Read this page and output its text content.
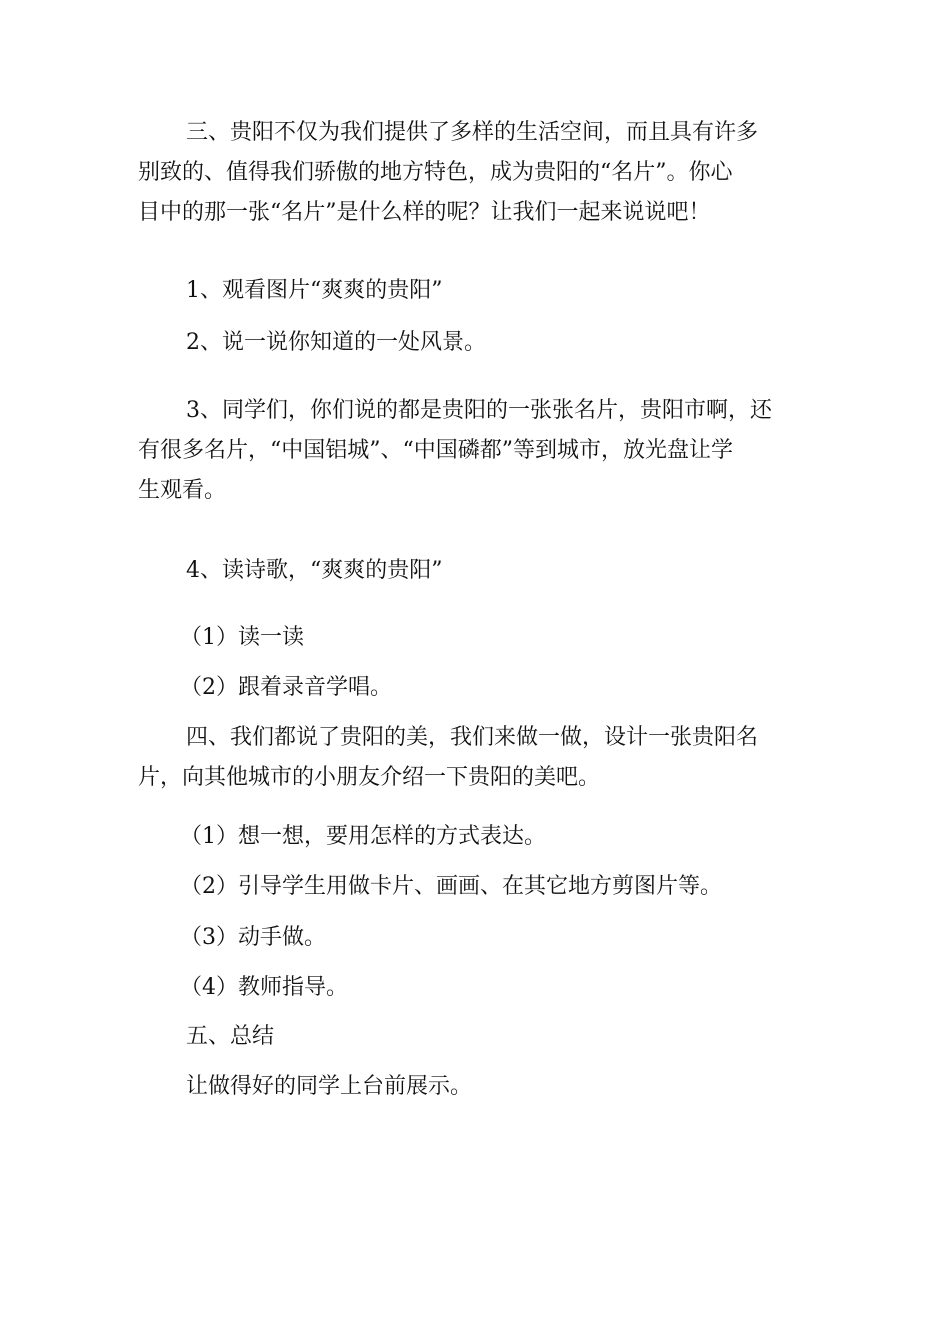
三、贵阳不仅为我们提供了多样的生活空间，而且具有许多
别致的、值得我们骄傲的地方特色，成为贵阳的“名片”。你心
目中的那一张“名片”是什么样的呢？让我们一起来说说吧！
1、观看图片“爽爽的贵阳”
2、说一说你知道的一处风景。
3、同学们，你们说的都是贵阳的一张张名片，贵阳市啊，还
有很多名片，“中国铝城”、“中国磷都”等到城市，放光盘让学
生观看。
4、读诗歌，“爽爽的贵阳”
（1）读一读
（2）跟着录音学唱。
四、我们都说了贵阳的美，我们来做一做，设计一张贵阳名
片，向其他城市的小朋友介绍一下贵阳的美吧。
（1）想一想，要用怎样的方式表达。
（2）引导学生用做卡片、画画、在其它地方剪图片等。
（3）动手做。
（4）教师指导。
五、总结
让做得好的同学上台前展示。
